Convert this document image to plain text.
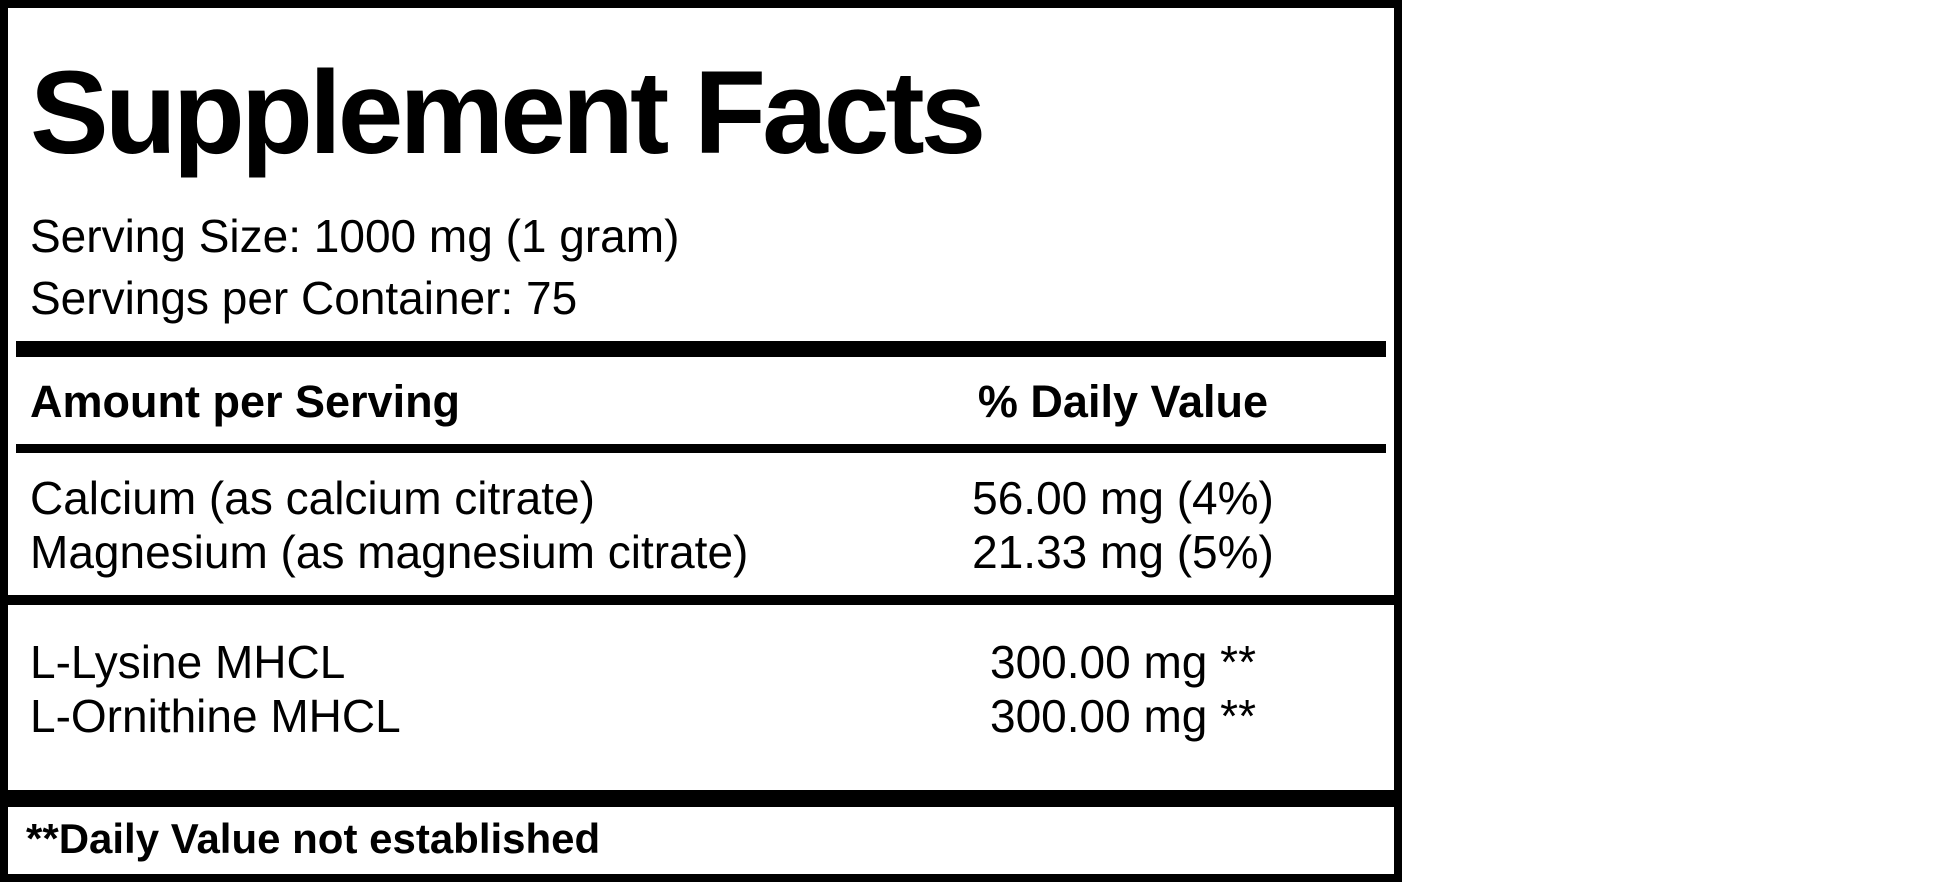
Supplement Facts
Serving Size: 1000 mg (1 gram)
Servings per Container: 75
Amount per Serving	% Daily Value
Calcium (as calcium citrate)	56.00 mg (4%)
Magnesium (as magnesium citrate)	21.33 mg (5%)
L-Lysine MHCL	300.00 mg **
L-Ornithine MHCL	300.00 mg **
**Daily Value not established
